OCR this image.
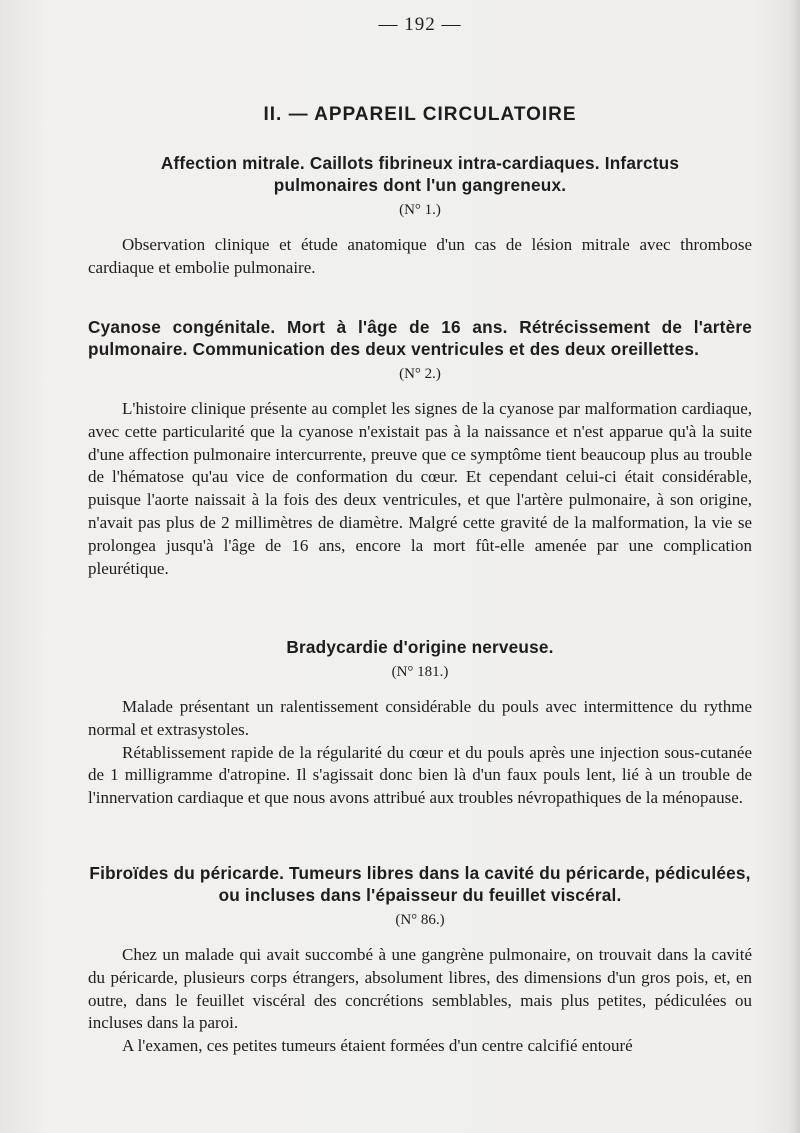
— 192 —
II. — APPAREIL CIRCULATOIRE
Affection mitrale. Caillots fibrineux intra-cardiaques. Infarctus pulmonaires dont l'un gangreneux.
(N° 1.)

Observation clinique et étude anatomique d'un cas de lésion mitrale avec thrombose cardiaque et embolie pulmonaire.

Cyanose congénitale. Mort à l'âge de 16 ans. Rétrécissement de l'artère pulmonaire. Communication des deux ventricules et des deux oreillettes.
(N° 2.)

L'histoire clinique présente au complet les signes de la cyanose par malformation cardiaque, avec cette particularité que la cyanose n'existait pas à la naissance et n'est apparue qu'à la suite d'une affection pulmonaire intercurrente, preuve que ce symptôme tient beaucoup plus au trouble de l'hématose qu'au vice de conformation du cœur. Et cependant celui-ci était considérable, puisque l'aorte naissait à la fois des deux ventricules, et que l'artère pulmonaire, à son origine, n'avait pas plus de 2 millimètres de diamètre. Malgré cette gravité de la malformation, la vie se prolongea jusqu'à l'âge de 16 ans, encore la mort fût-elle amenée par une complication pleurétique.

Bradycardie d'origine nerveuse.
(N° 181.)

Malade présentant un ralentissement considérable du pouls avec intermittence du rythme normal et extrasystoles.

Rétablissement rapide de la régularité du cœur et du pouls après une injection sous-cutanée de 1 milligramme d'atropine. Il s'agissait donc bien là d'un faux pouls lent, lié à un trouble de l'innervation cardiaque et que nous avons attribué aux troubles névropathiques de la ménopause.

Fibroïdes du péricarde. Tumeurs libres dans la cavité du péricarde, pédiculées, ou incluses dans l'épaisseur du feuillet viscéral.
(N° 86.)

Chez un malade qui avait succombé à une gangrène pulmonaire, on trouvait dans la cavité du péricarde, plusieurs corps étrangers, absolument libres, des dimensions d'un gros pois, et, en outre, dans le feuillet viscéral des concrétions semblables, mais plus petites, pédiculées ou incluses dans la paroi.

A l'examen, ces petites tumeurs étaient formées d'un centre calcifié entouré
